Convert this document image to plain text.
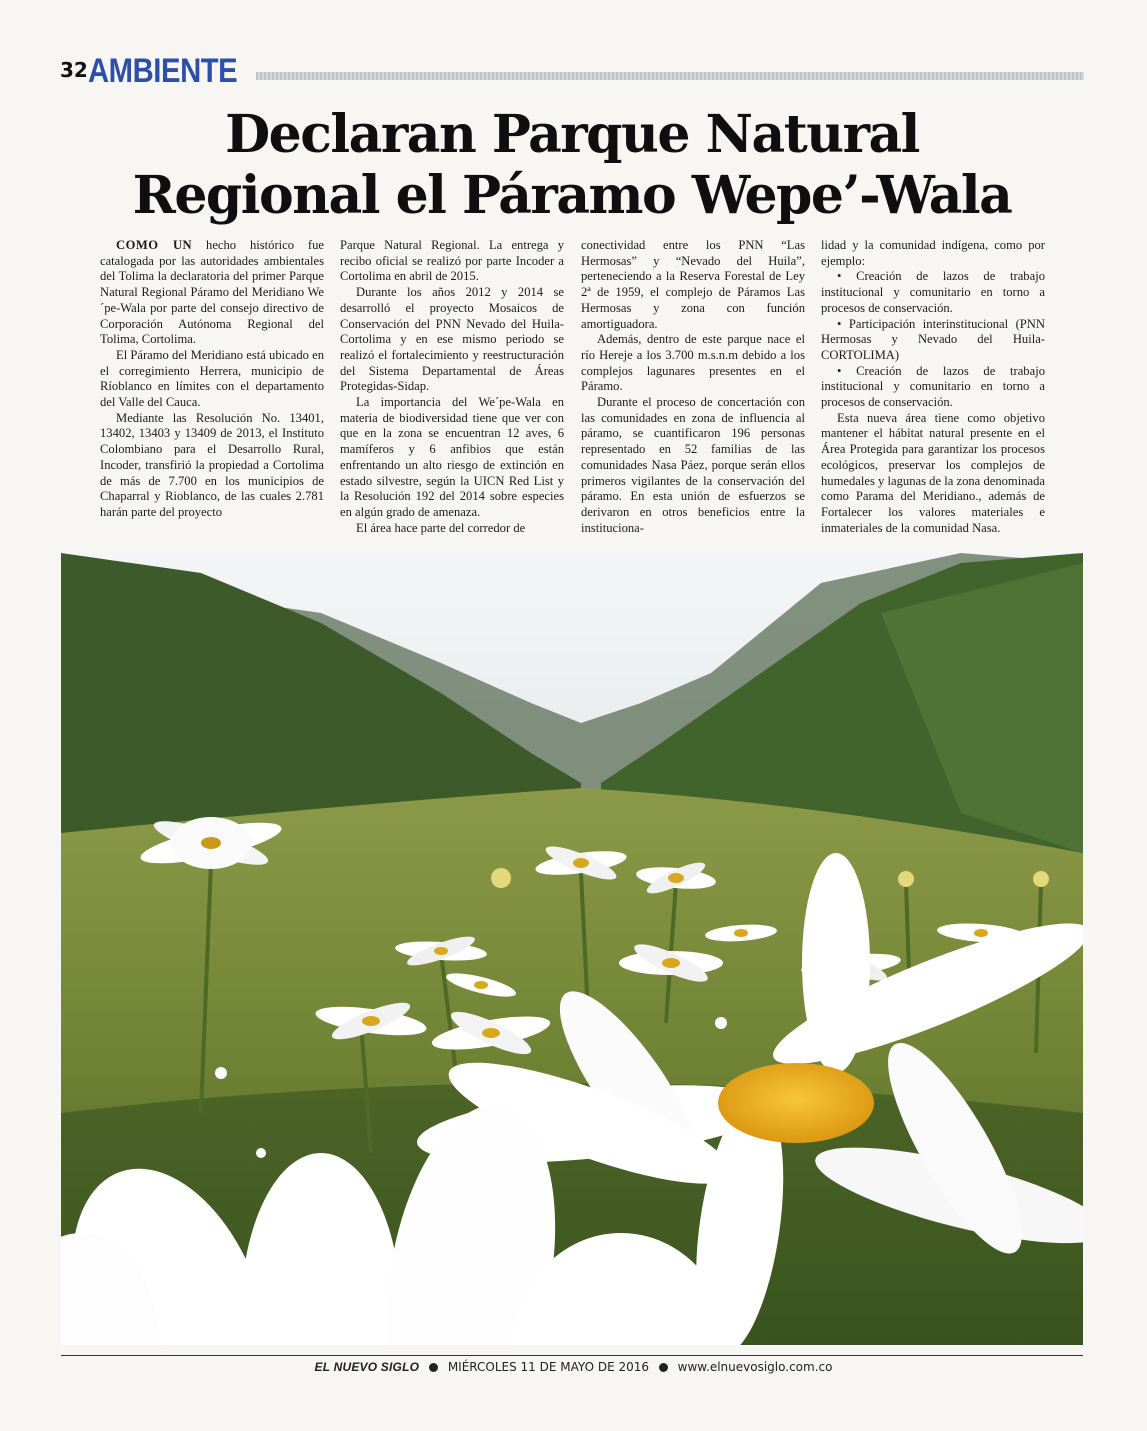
32 AMBIENTE
Declaran Parque Natural
Regional el Páramo Wepe’-Wala

COMO UN hecho histórico fue catalogada por las autoridades ambientales del Tolima la declaratoria del primer Parque Natural Regional Páramo del Meridiano We´pe-Wala por parte del consejo directivo de Corporación Autónoma Regional del Tolima, Cortolima.

El Páramo del Meridiano está ubicado en el corregimiento Herrera, municipio de Ríoblanco en límites con el departamento del Valle del Cauca.

Mediante las Resolución No. 13401, 13402, 13403 y 13409 de 2013, el Instituto Colombiano para el Desarrollo Rural, Incoder, transfirió la propiedad a Cortolima de más de 7.700 en los municipios de Chaparral y Rioblanco, de las cuales 2.781 harán parte del proyecto

Parque Natural Regional. La entrega y recibo oficial se realizó por parte Incoder a Cortolima en abril de 2015.

Durante los años 2012 y 2014 se desarrolló el proyecto Mosaicos de Conservación del PNN Nevado del Huila-Cortolima y en ese mismo periodo se realizó el fortalecimiento y reestructuración del Sistema Departamental de Áreas Protegidas-Sidap.

La importancia del We´pe-Wala en materia de biodiversidad tiene que ver con que en la zona se encuentran 12 aves, 6 mamíferos y 6 anfibios que están enfrentando un alto riesgo de extinción en estado silvestre, según la UICN Red List y la Resolución 192 del 2014 sobre especies en algún grado de amenaza.

El área hace parte del corredor de

conectividad entre los PNN “Las Hermosas” y “Nevado del Huila”, perteneciendo a la Reserva Forestal de Ley 2ª de 1959, el complejo de Páramos Las Hermosas y zona con función amortiguadora.

Además, dentro de este parque nace el río Hereje a los 3.700 m.s.n.m debido a los complejos lagunares presentes en el Páramo.

Durante el proceso de concertación con las comunidades en zona de influencia al páramo, se cuantificaron 196 personas representado en 52 familias de las comunidades Nasa Páez, porque serán ellos primeros vigilantes de la conservación del páramo. En esta unión de esfuerzos se derivaron en otros beneficios entre la instituciona-

lidad y la comunidad indígena, como por ejemplo:

• Creación de lazos de trabajo institucional y comunitario en torno a procesos de conservación.

• Participación interinstitucional (PNN Hermosas y Nevado del Huila-CORTOLIMA)

• Creación de lazos de trabajo institucional y comunitario en torno a procesos de conservación.

Esta nueva área tiene como objetivo mantener el hábitat natural presente en el Área Protegida para garantizar los procesos ecológicos, preservar los complejos de humedales y lagunas de la zona denominada como Parama del Meridiano., además de Fortalecer los valores materiales e inmateriales de la comunidad Nasa.

EL NUEVO SIGLO MIÉRCOLES 11 DE MAYO DE 2016 www.elnuevosiglo.com.co
